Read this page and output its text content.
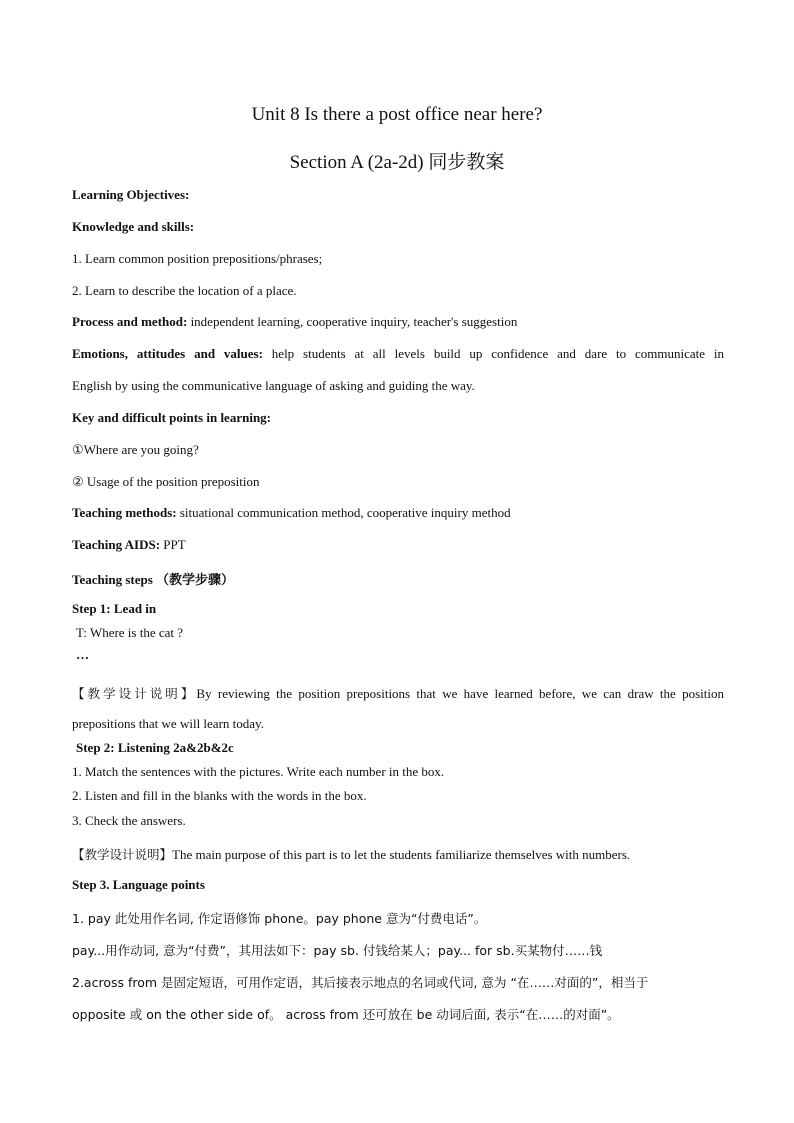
Unit 8 Is there a post office near here?
Section A (2a-2d) 同步教案
Learning Objectives:
Knowledge and skills:
1. Learn common position prepositions/phrases;
2. Learn to describe the location of a place.
Process and method: independent learning, cooperative inquiry, teacher's suggestion
Emotions, attitudes and values: help students at all levels build up confidence and dare to communicate in
English by using the communicative language of asking and guiding the way.
Key and difficult points in learning:
①Where are you going?
② Usage of the position preposition
Teaching methods: situational communication method, cooperative inquiry method
Teaching AIDS: PPT
Teaching steps （教学步骤）
Step 1: Lead in
T: Where is the cat ?
…
【教学设计说明】By reviewing the position prepositions that we have learned before, we can draw the position
prepositions that we will learn today.
Step 2: Listening 2a&2b&2c
1. Match the sentences with the pictures. Write each number in the box.
2. Listen and fill in the blanks with the words in the box.
3. Check the answers.
【教学设计说明】The main purpose of this part is to let the students familiarize themselves with numbers.
Step 3. Language points
1. pay 此处用作名词, 作定语修饰 phone。pay phone 意为“付费电话”。
pay...用作动词, 意为“付费”，其用法如下：pay sb. 付钱给某人；pay... for sb.买某物付……钱
2.across from 是固定短语，可用作定语，其后接表示地点的名词或代词, 意为 “在……对面的”，相当于
opposite 或 on the other side of。 across from 还可放在 be 动词后面, 表示“在……的对面”。
